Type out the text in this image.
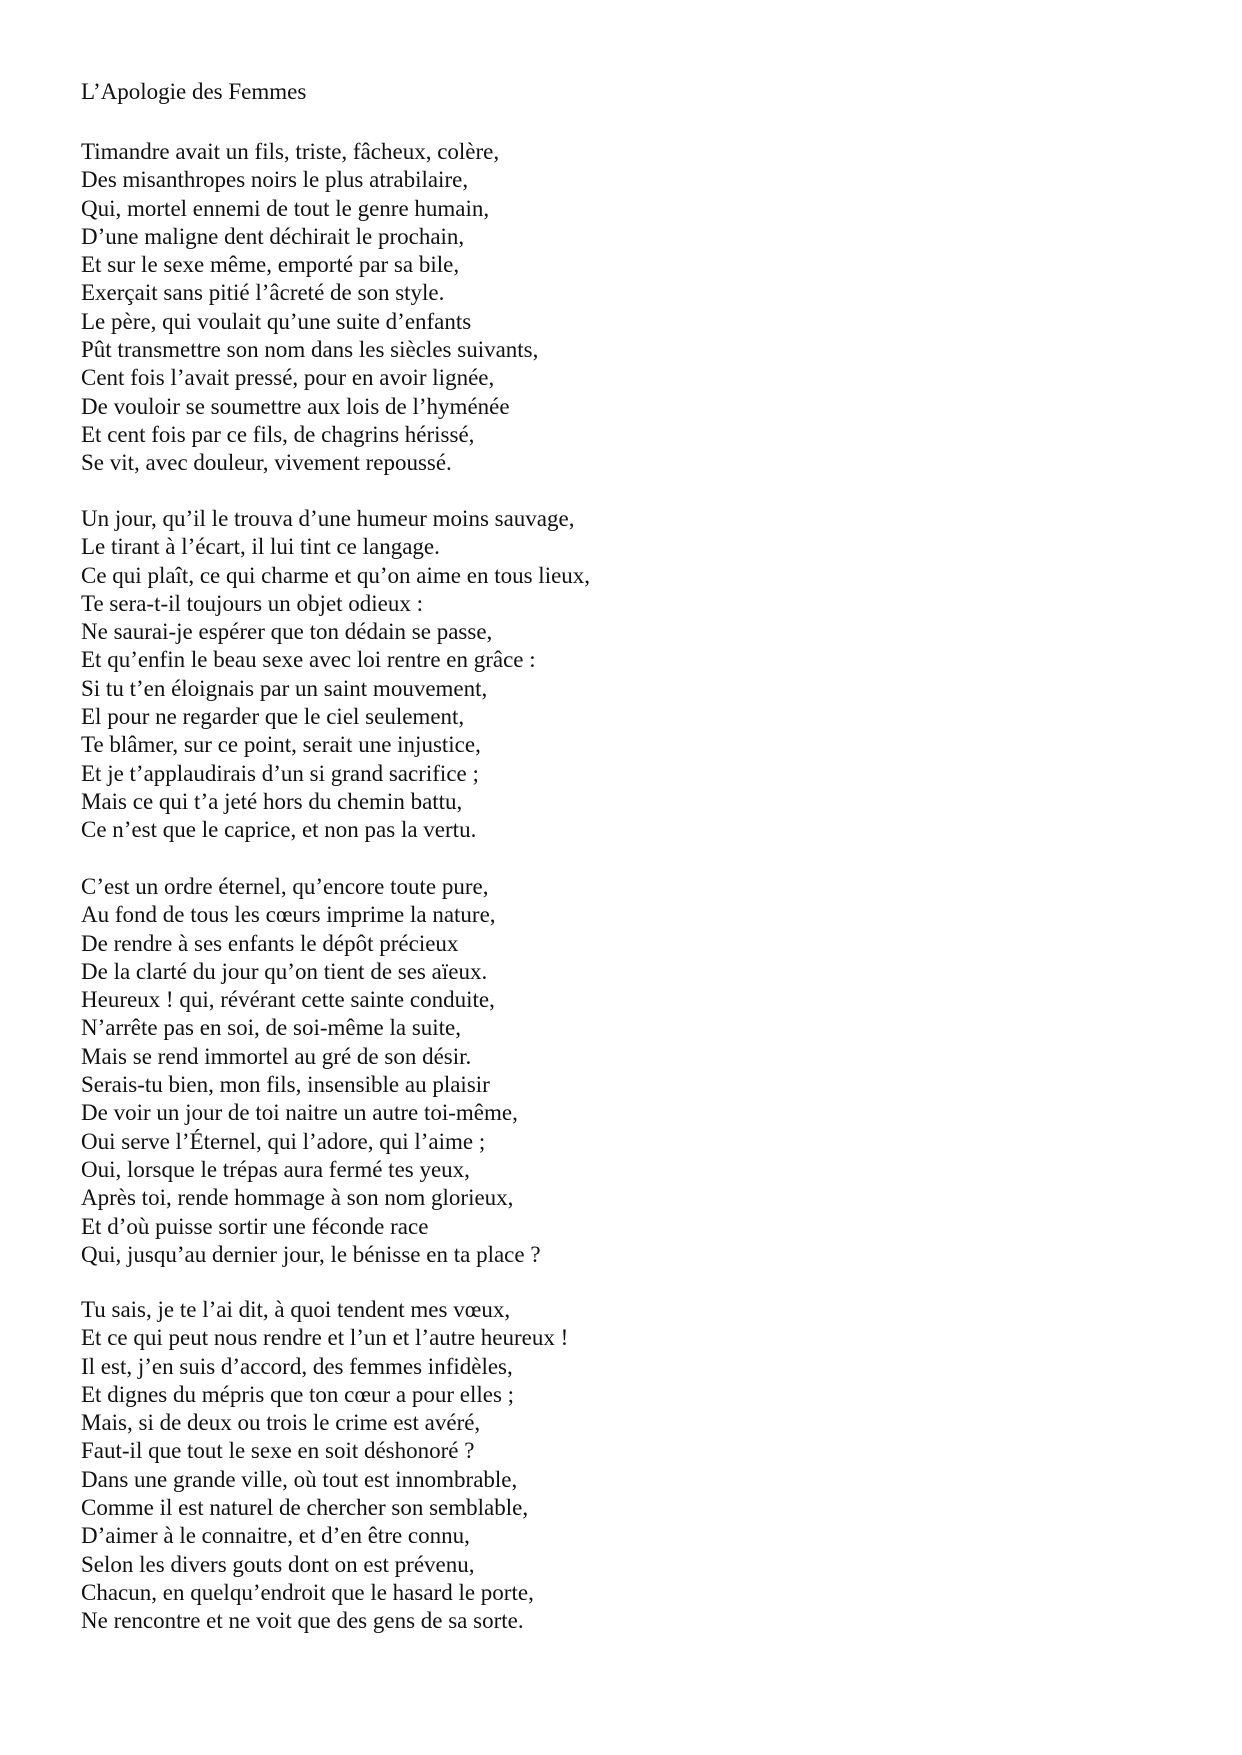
L’Apologie des Femmes
Timandre avait un fils, triste, fâcheux, colère,
Des misanthropes noirs le plus atrabilaire,
Qui, mortel ennemi de tout le genre humain,
D’une maligne dent déchirait le prochain,
Et sur le sexe même, emporté par sa bile,
Exerçait sans pitié l’âcreté de son style.
Le père, qui voulait qu’une suite d’enfants
Pût transmettre son nom dans les siècles suivants,
Cent fois l’avait pressé, pour en avoir lignée,
De vouloir se soumettre aux lois de l’hyménée
Et cent fois par ce fils, de chagrins hérissé,
Se vit, avec douleur, vivement repoussé.
Un jour, qu’il le trouva d’une humeur moins sauvage,
Le tirant à l’écart, il lui tint ce langage.
Ce qui plaît, ce qui charme et qu’on aime en tous lieux,
Te sera-t-il toujours un objet odieux :
Ne saurai-je espérer que ton dédain se passe,
Et qu’enfin le beau sexe avec loi rentre en grâce :
Si tu t’en éloignais par un saint mouvement,
El pour ne regarder que le ciel seulement,
Te blâmer, sur ce point, serait une injustice,
Et je t’applaudirais d’un si grand sacrifice ;
Mais ce qui t’a jeté hors du chemin battu,
Ce n’est que le caprice, et non pas la vertu.
C’est un ordre éternel, qu’encore toute pure,
Au fond de tous les cœurs imprime la nature,
De rendre à ses enfants le dépôt précieux
De la clarté du jour qu’on tient de ses aïeux.
Heureux ! qui, révérant cette sainte conduite,
N’arrête pas en soi, de soi-même la suite,
Mais se rend immortel au gré de son désir.
Serais-tu bien, mon fils, insensible au plaisir
De voir un jour de toi naitre un autre toi-même,
Oui serve l’Éternel, qui l’adore, qui l’aime ;
Oui, lorsque le trépas aura fermé tes yeux,
Après toi, rende hommage à son nom glorieux,
Et d’où puisse sortir une féconde race
Qui, jusqu’au dernier jour, le bénisse en ta place ?
Tu sais, je te l’ai dit, à quoi tendent mes vœux,
Et ce qui peut nous rendre et l’un et l’autre heureux !
Il est, j’en suis d’accord, des femmes infidèles,
Et dignes du mépris que ton cœur a pour elles ;
Mais, si de deux ou trois le crime est avéré,
Faut-il que tout le sexe en soit déshonoré ?
Dans une grande ville, où tout est innombrable,
Comme il est naturel de chercher son semblable,
D’aimer à le connaitre, et d’en être connu,
Selon les divers gouts dont on est prévenu,
Chacun, en quelqu’endroit que le hasard le porte,
Ne rencontre et ne voit que des gens de sa sorte.
